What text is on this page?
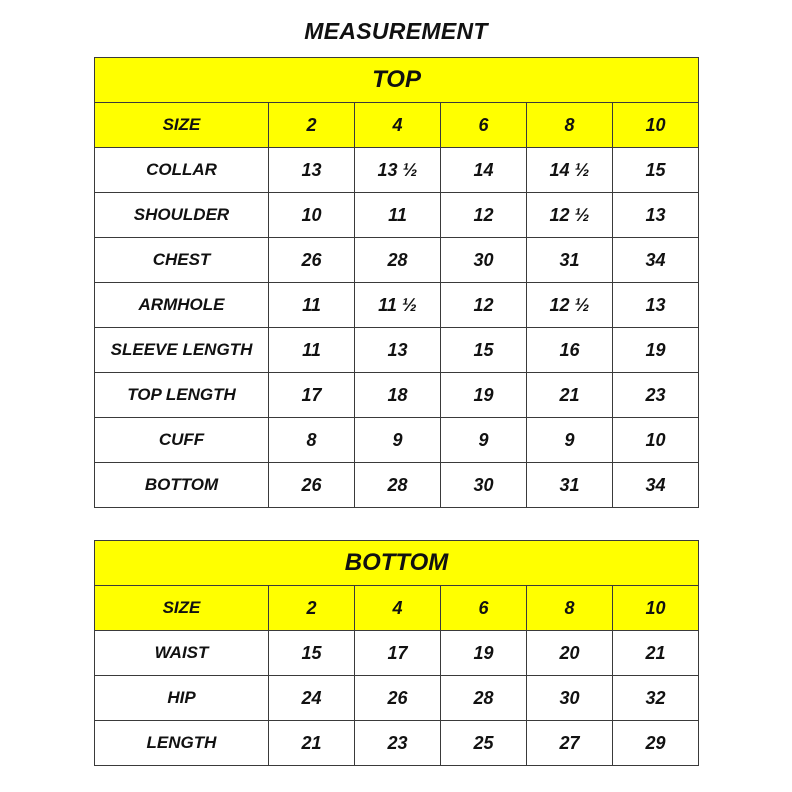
MEASUREMENT
TOP					
SIZE	2	4	6	8	10
COLLAR	13	13 ½	14	14 ½	15
SHOULDER	10	11	12	12 ½	13
CHEST	26	28	30	31	34
ARMHOLE	11	11 ½	12	12 ½	13
SLEEVE LENGTH	11	13	15	16	19
TOP LENGTH	17	18	19	21	23
CUFF	8	9	9	9	10
BOTTOM	26	28	30	31	34
BOTTOM					
SIZE	2	4	6	8	10
WAIST	15	17	19	20	21
HIP	24	26	28	30	32
LENGTH	21	23	25	27	29
